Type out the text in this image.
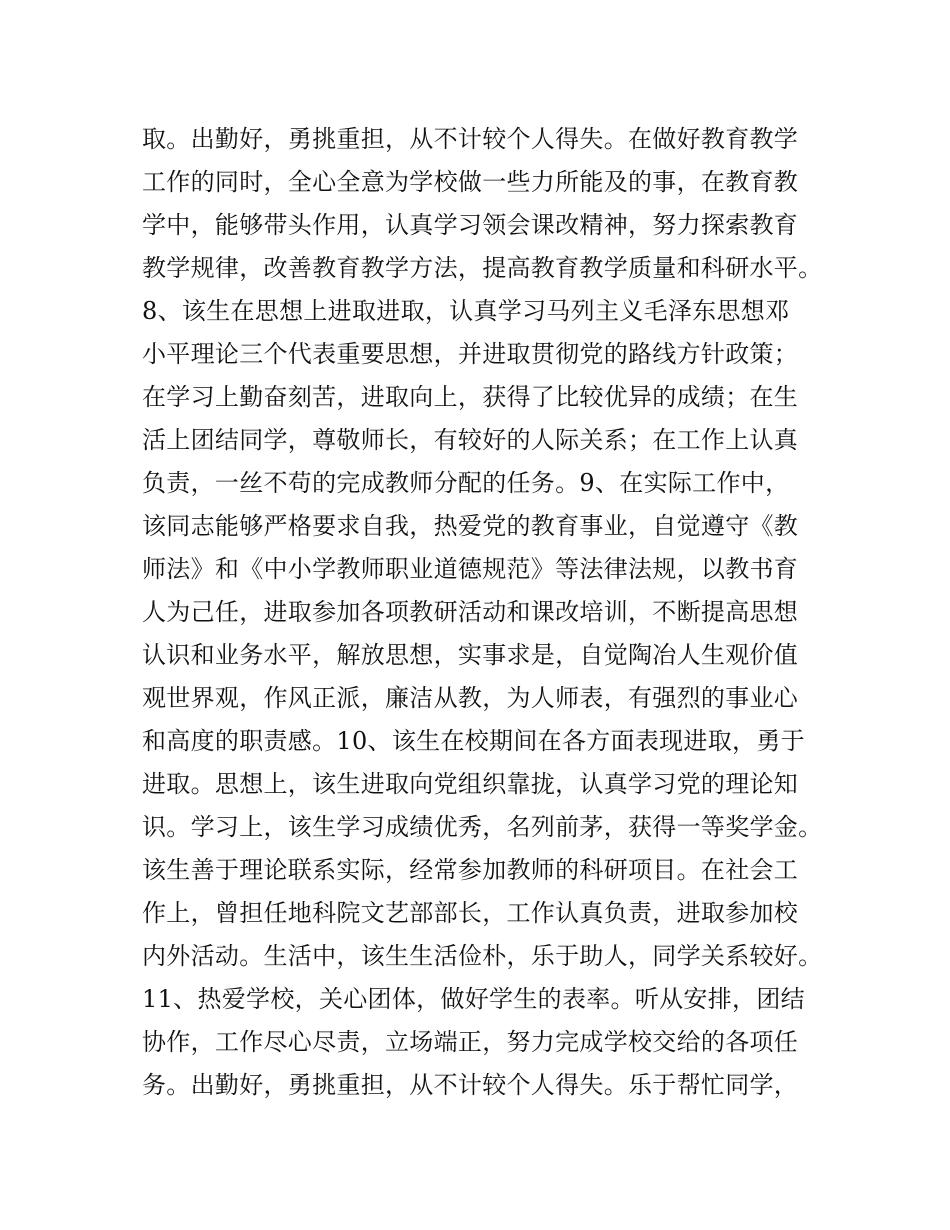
取。出勤好，勇挑重担，从不计较个人得失。在做好教育教学
工作的同时，全心全意为学校做一些力所能及的事，在教育教
学中，能够带头作用，认真学习领会课改精神，努力探索教育
教学规律，改善教育教学方法，提高教育教学质量和科研水平。
8、该生在思想上进取进取，认真学习马列主义毛泽东思想邓
小平理论三个代表重要思想，并进取贯彻党的路线方针政策；
在学习上勤奋刻苦，进取向上，获得了比较优异的成绩；在生
活上团结同学，尊敬师长，有较好的人际关系；在工作上认真
负责，一丝不苟的完成教师分配的任务。9、在实际工作中，
该同志能够严格要求自我，热爱党的教育事业，自觉遵守《教
师法》和《中小学教师职业道德规范》等法律法规，以教书育
人为己任，进取参加各项教研活动和课改培训，不断提高思想
认识和业务水平，解放思想，实事求是，自觉陶冶人生观价值
观世界观，作风正派，廉洁从教，为人师表，有强烈的事业心
和高度的职责感。10、该生在校期间在各方面表现进取，勇于
进取。思想上，该生进取向党组织靠拢，认真学习党的理论知
识。学习上，该生学习成绩优秀，名列前茅，获得一等奖学金。
该生善于理论联系实际，经常参加教师的科研项目。在社会工
作上，曾担任地科院文艺部部长，工作认真负责，进取参加校
内外活动。生活中，该生生活俭朴，乐于助人，同学关系较好。
11、热爱学校，关心团体，做好学生的表率。听从安排，团结
协作，工作尽心尽责，立场端正，努力完成学校交给的各项任
务。出勤好，勇挑重担，从不计较个人得失。乐于帮忙同学，
